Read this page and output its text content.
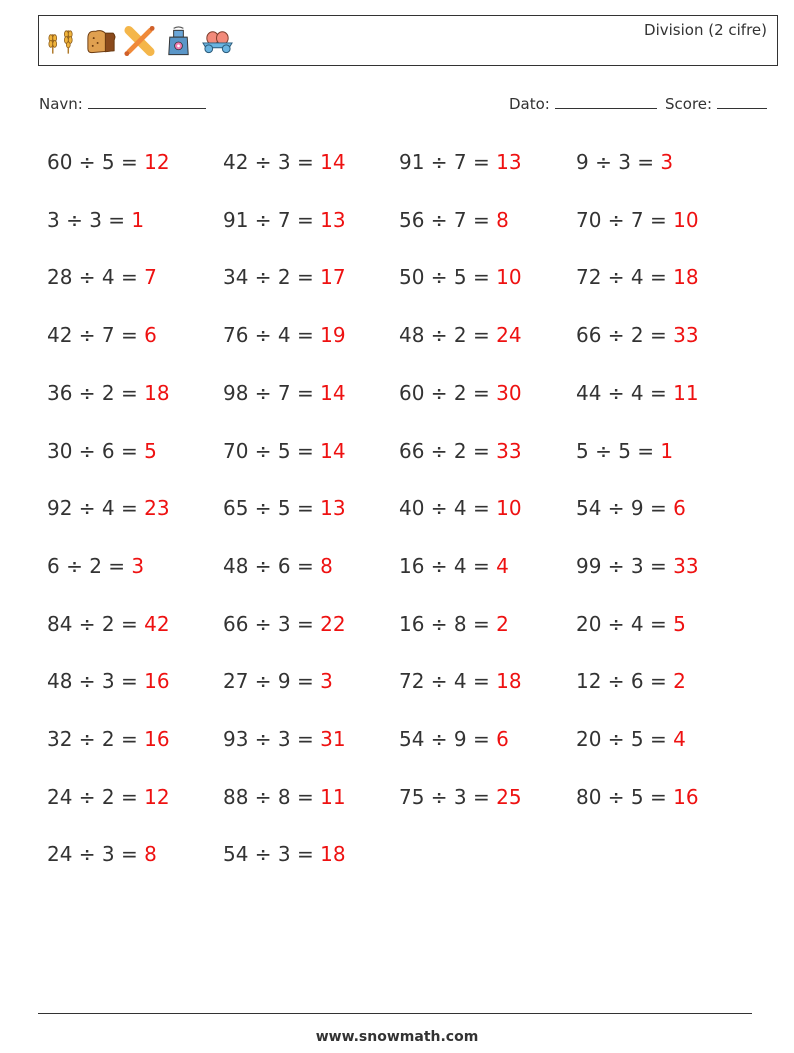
Division (2 cifre)
Navn:	Dato:	Score:
60 ÷ 5 = 12	42 ÷ 3 = 14	91 ÷ 7 = 13	9 ÷ 3 = 3
3 ÷ 3 = 1	91 ÷ 7 = 13	56 ÷ 7 = 8	70 ÷ 7 = 10
28 ÷ 4 = 7	34 ÷ 2 = 17	50 ÷ 5 = 10	72 ÷ 4 = 18
42 ÷ 7 = 6	76 ÷ 4 = 19	48 ÷ 2 = 24	66 ÷ 2 = 33
36 ÷ 2 = 18	98 ÷ 7 = 14	60 ÷ 2 = 30	44 ÷ 4 = 11
30 ÷ 6 = 5	70 ÷ 5 = 14	66 ÷ 2 = 33	5 ÷ 5 = 1
92 ÷ 4 = 23	65 ÷ 5 = 13	40 ÷ 4 = 10	54 ÷ 9 = 6
6 ÷ 2 = 3	48 ÷ 6 = 8	16 ÷ 4 = 4	99 ÷ 3 = 33
84 ÷ 2 = 42	66 ÷ 3 = 22	16 ÷ 8 = 2	20 ÷ 4 = 5
48 ÷ 3 = 16	27 ÷ 9 = 3	72 ÷ 4 = 18	12 ÷ 6 = 2
32 ÷ 2 = 16	93 ÷ 3 = 31	54 ÷ 9 = 6	20 ÷ 5 = 4
24 ÷ 2 = 12	88 ÷ 8 = 11	75 ÷ 3 = 25	80 ÷ 5 = 16
24 ÷ 3 = 8	54 ÷ 3 = 18
www.snowmath.com
